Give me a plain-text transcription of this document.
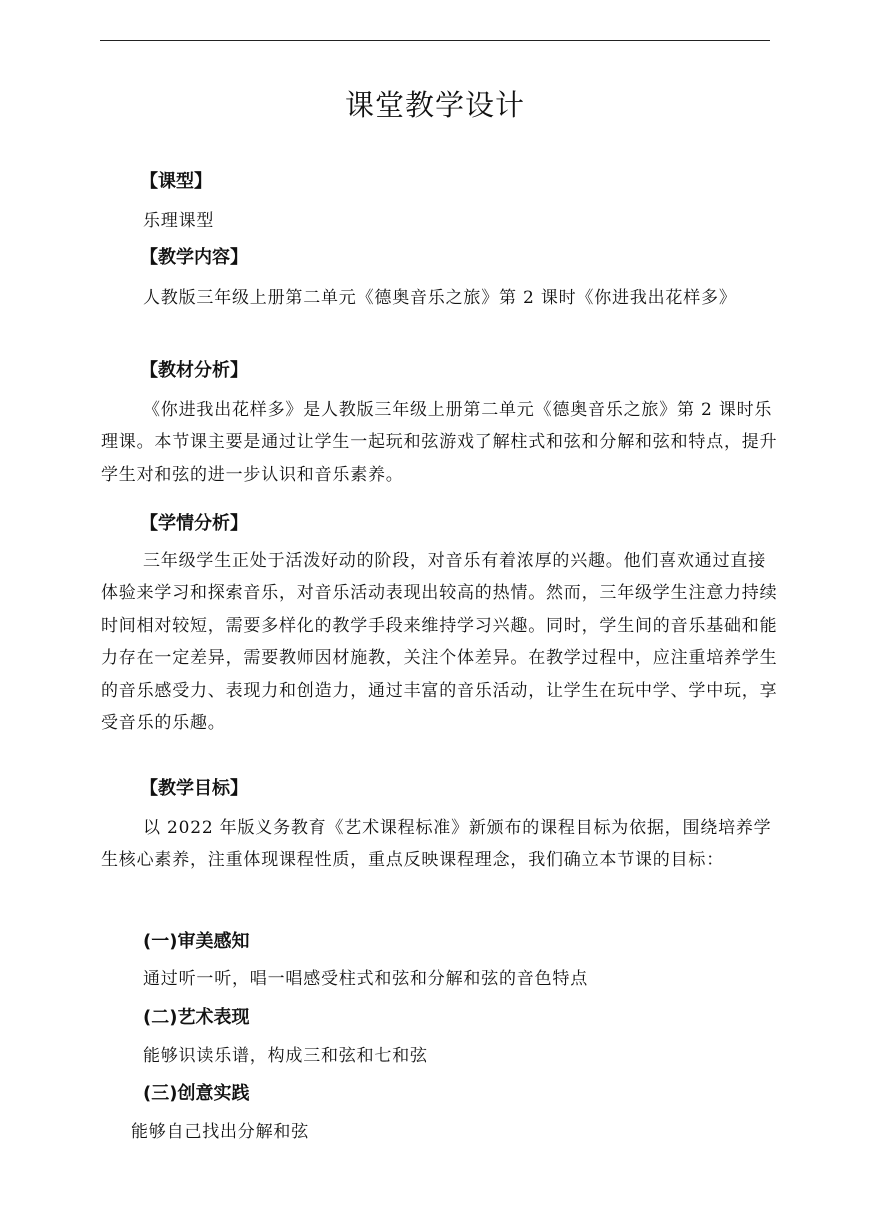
课堂教学设计
【课型】
乐理课型
【教学内容】
人教版三年级上册第二单元《德奥音乐之旅》第 2 课时《你进我出花样多》
【教材分析】
《你进我出花样多》是人教版三年级上册第二单元《德奥音乐之旅》第 2 课时乐理课。本节课主要是通过让学生一起玩和弦游戏了解柱式和弦和分解和弦和特点，提升学生对和弦的进一步认识和音乐素养。
【学情分析】
三年级学生正处于活泼好动的阶段，对音乐有着浓厚的兴趣。他们喜欢通过直接体验来学习和探索音乐，对音乐活动表现出较高的热情。然而，三年级学生注意力持续时间相对较短，需要多样化的教学手段来维持学习兴趣。同时，学生间的音乐基础和能力存在一定差异，需要教师因材施教，关注个体差异。在教学过程中，应注重培养学生的音乐感受力、表现力和创造力，通过丰富的音乐活动，让学生在玩中学、学中玩，享受音乐的乐趣。
【教学目标】
以 2022 年版义务教育《艺术课程标准》新颁布的课程目标为依据，围绕培养学生核心素养，注重体现课程性质，重点反映课程理念，我们确立本节课的目标：
(一)审美感知
通过听一听，唱一唱感受柱式和弦和分解和弦的音色特点
(二)艺术表现
能够识读乐谱，构成三和弦和七和弦
(三)创意实践
能够自己找出分解和弦
